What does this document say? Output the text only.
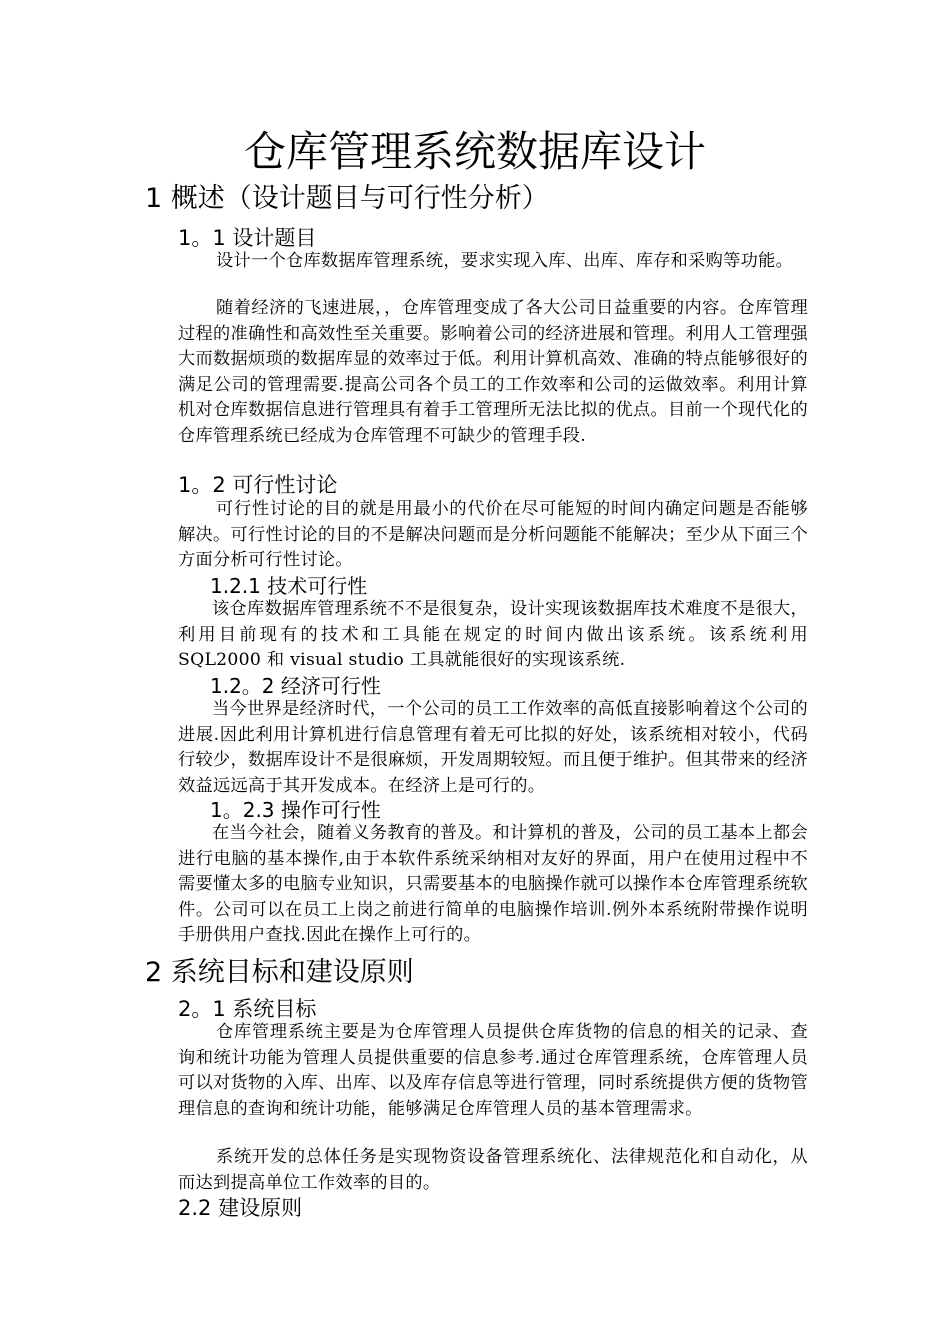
仓库管理系统数据库设计
1 概述（设计题目与可行性分析）
1。1 设计题目

设计一个仓库数据库管理系统，要求实现入库、出库、库存和采购等功能。

随着经济的飞速进展，，仓库管理变成了各大公司日益重要的内容。仓库管理过程的准确性和高效性至关重要。影响着公司的经济进展和管理。利用人工管理强大而数据烦琐的数据库显的效率过于低。利用计算机高效、准确的特点能够很好的满足公司的管理需要.提高公司各个员工的工作效率和公司的运做效率。利用计算机对仓库数据信息进行管理具有着手工管理所无法比拟的优点。目前一个现代化的仓库管理系统已经成为仓库管理不可缺少的管理手段.

1。2 可行性讨论

可行性讨论的目的就是用最小的代价在尽可能短的时间内确定问题是否能够解决。可行性讨论的目的不是解决问题而是分析问题能不能解决；至少从下面三个方面分析可行性讨论。

1.2.1 技术可行性

该仓库数据库管理系统不不是很复杂，设计实现该数据库技术难度不是很大，利用目前现有的技术和工具能在规定的时间内做出该系统。该系统利用 SQL2000 和 visual studio 工具就能很好的实现该系统.

1.2。2 经济可行性

当今世界是经济时代，一个公司的员工工作效率的高低直接影响着这个公司的进展.因此利用计算机进行信息管理有着无可比拟的好处，该系统相对较小，代码行较少，数据库设计不是很麻烦，开发周期较短。而且便于维护。但其带来的经济效益远远高于其开发成本。在经济上是可行的。

1。2.3 操作可行性

在当今社会，随着义务教育的普及。和计算机的普及，公司的员工基本上都会进行电脑的基本操作,由于本软件系统采纳相对友好的界面，用户在使用过程中不需要懂太多的电脑专业知识，只需要基本的电脑操作就可以操作本仓库管理系统软件。公司可以在员工上岗之前进行简单的电脑操作培训.例外本系统附带操作说明手册供用户查找.因此在操作上可行的。

2 系统目标和建设原则
2。1 系统目标

仓库管理系统主要是为仓库管理人员提供仓库货物的信息的相关的记录、查询和统计功能为管理人员提供重要的信息参考.通过仓库管理系统，仓库管理人员可以对货物的入库、出库、以及库存信息等进行管理，同时系统提供方便的货物管理信息的查询和统计功能，能够满足仓库管理人员的基本管理需求。

系统开发的总体任务是实现物资设备管理系统化、法律规范化和自动化，从而达到提高单位工作效率的目的。

2.2 建设原则
